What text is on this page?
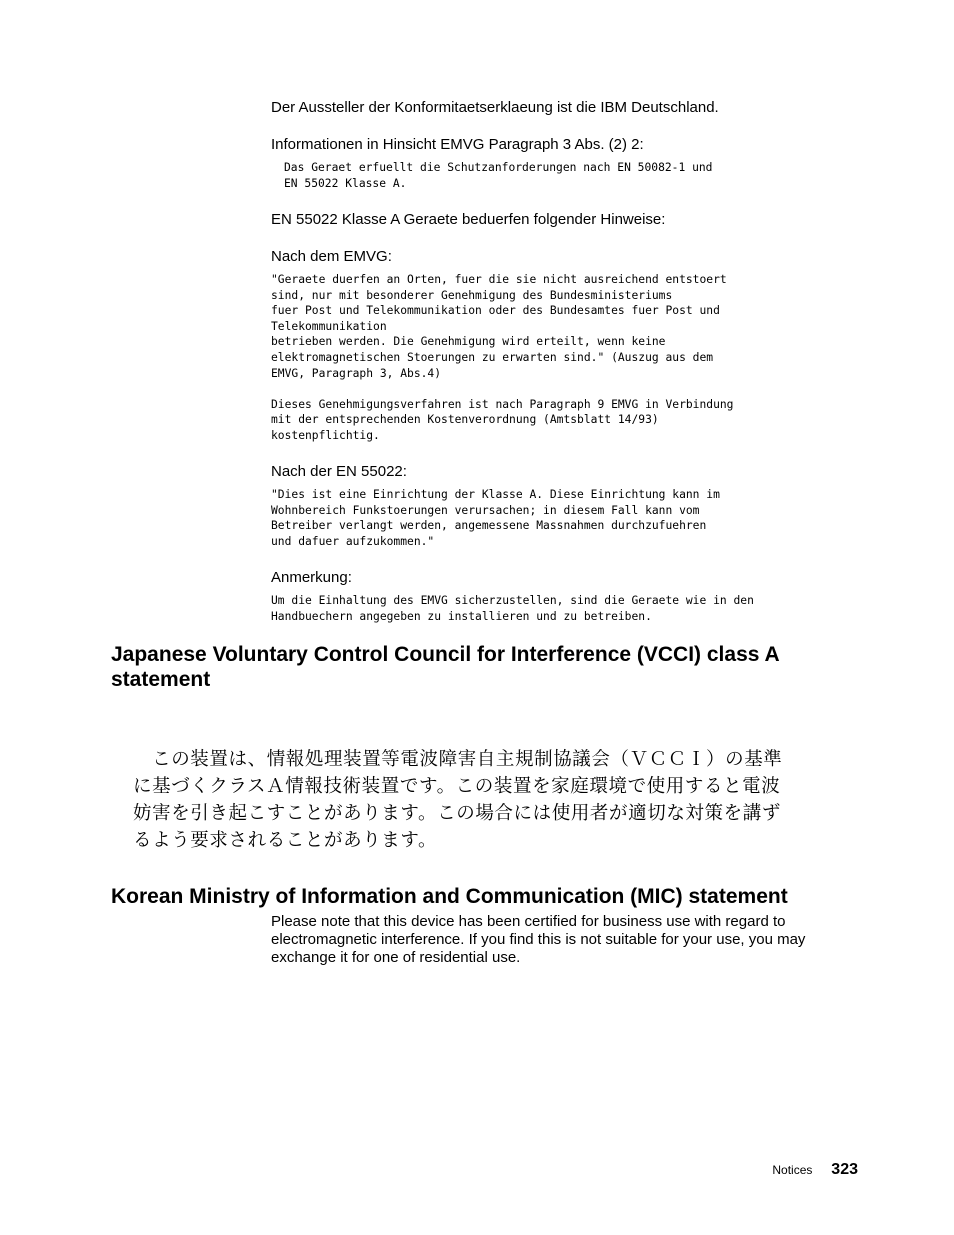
Der Aussteller der Konformitaetserklaeung ist die IBM Deutschland.

Informationen in Hinsicht EMVG Paragraph 3 Abs. (2) 2:

Das Geraet erfuellt die Schutzanforderungen nach EN 50082-1 und
EN 55022 Klasse A.

EN 55022 Klasse A Geraete beduerfen folgender Hinweise:

Nach dem EMVG:

"Geraete duerfen an Orten, fuer die sie nicht ausreichend entstoert
sind, nur mit besonderer Genehmigung des Bundesministeriums
fuer Post und Telekommunikation oder des Bundesamtes fuer Post und
Telekommunikation
betrieben werden. Die Genehmigung wird erteilt, wenn keine
elektromagnetischen Stoerungen zu erwarten sind." (Auszug aus dem
EMVG, Paragraph 3, Abs.4)

Dieses Genehmigungsverfahren ist nach Paragraph 9 EMVG in Verbindung
mit der entsprechenden Kostenverordnung (Amtsblatt 14/93)
kostenpflichtig.

Nach der EN 55022:

"Dies ist eine Einrichtung der Klasse A. Diese Einrichtung kann im
Wohnbereich Funkstoerungen verursachen; in diesem Fall kann vom
Betreiber verlangt werden, angemessene Massnahmen durchzufuehren
und dafuer aufzukommen."

Anmerkung:

Um die Einhaltung des EMVG sicherzustellen, sind die Geraete wie in den
Handbuechern angegeben zu installieren und zu betreiben.

Japanese Voluntary Control Council for Interference (VCCI) class A statement

　この装置は、情報処理装置等電波障害自主規制協議会（ＶＣＣＩ）の基準
に基づくクラスＡ情報技術装置です。この装置を家庭環境で使用すると電波
妨害を引き起こすことがあります。この場合には使用者が適切な対策を講ず
るよう要求されることがあります。

Korean Ministry of Information and Communication (MIC) statement

Please note that this device has been certified for business use with regard to electromagnetic interference. If you find this is not suitable for your use, you may exchange it for one of residential use.

Notices 323
